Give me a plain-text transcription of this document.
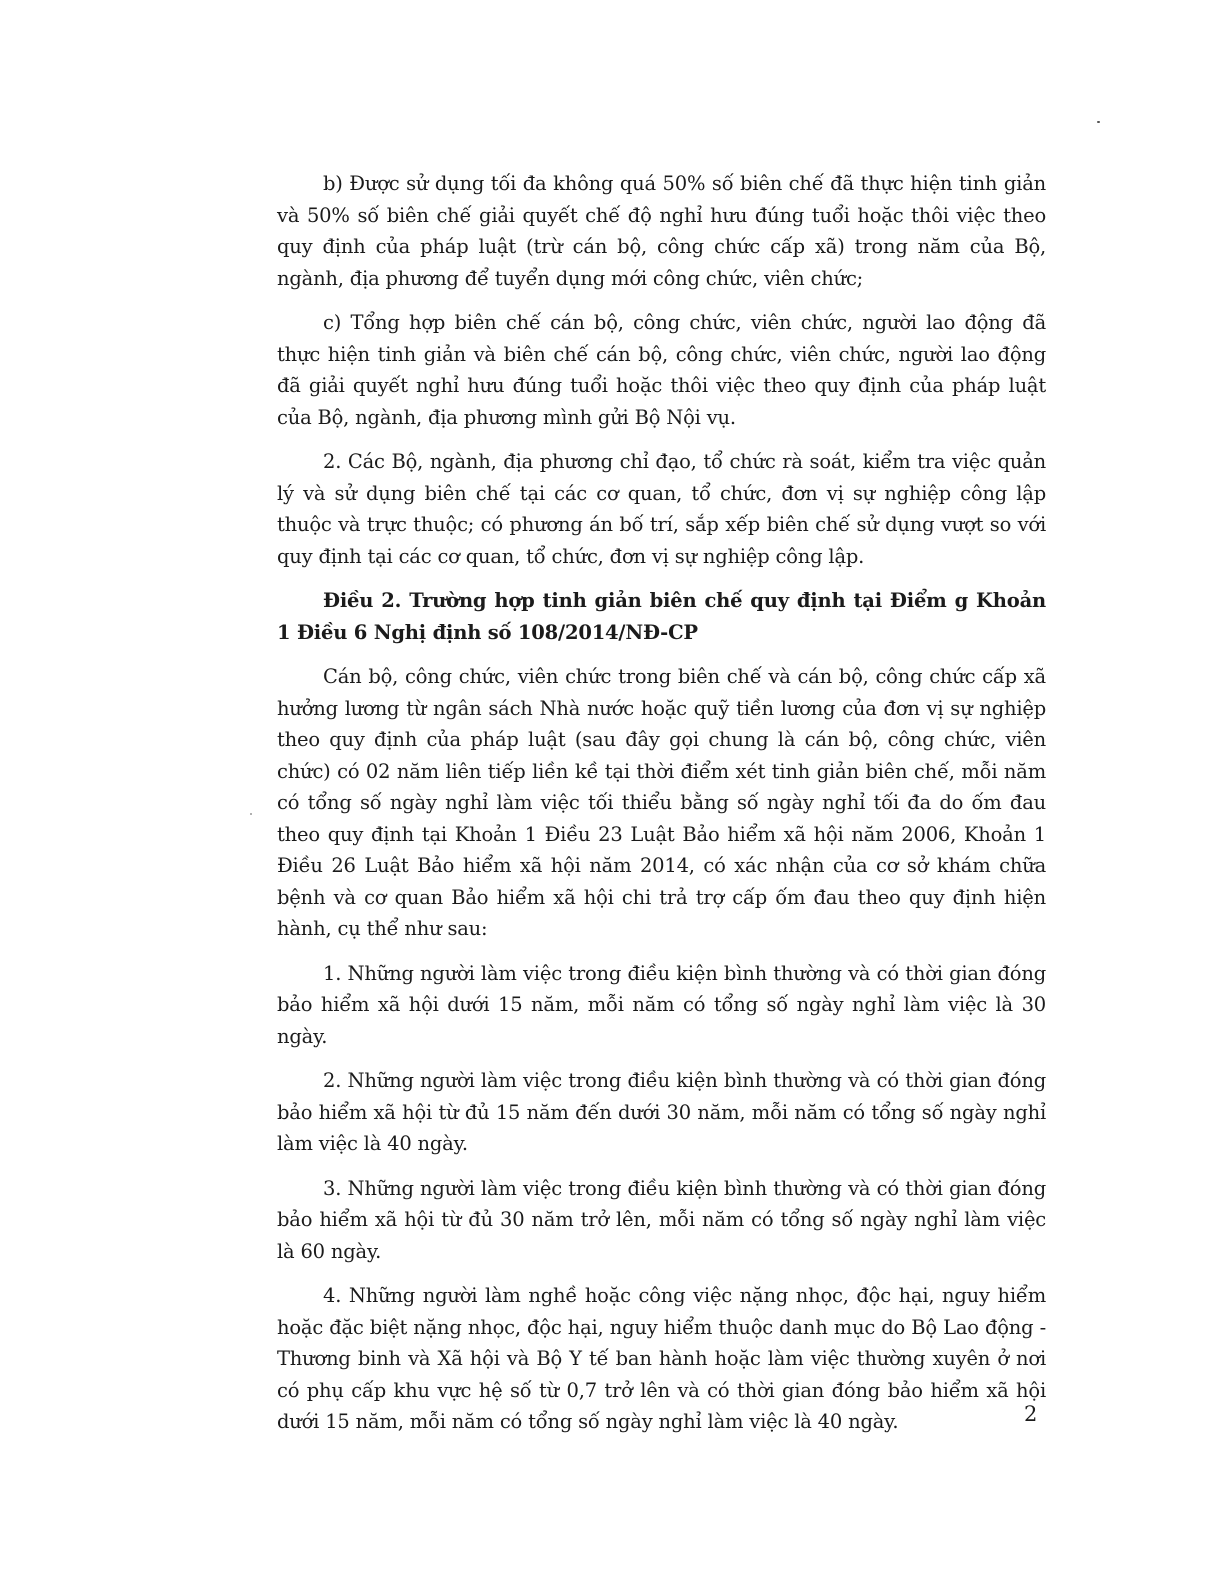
b) Được sử dụng tối đa không quá 50% số biên chế đã thực hiện tinh giản và 50% số biên chế giải quyết chế độ nghỉ hưu đúng tuổi hoặc thôi việc theo quy định của pháp luật (trừ cán bộ, công chức cấp xã) trong năm của Bộ, ngành, địa phương để tuyển dụng mới công chức, viên chức;

c) Tổng hợp biên chế cán bộ, công chức, viên chức, người lao động đã thực hiện tinh giản và biên chế cán bộ, công chức, viên chức, người lao động đã giải quyết nghỉ hưu đúng tuổi hoặc thôi việc theo quy định của pháp luật của Bộ, ngành, địa phương mình gửi Bộ Nội vụ.

2. Các Bộ, ngành, địa phương chỉ đạo, tổ chức rà soát, kiểm tra việc quản lý và sử dụng biên chế tại các cơ quan, tổ chức, đơn vị sự nghiệp công lập thuộc và trực thuộc; có phương án bố trí, sắp xếp biên chế sử dụng vượt so với quy định tại các cơ quan, tổ chức, đơn vị sự nghiệp công lập.

Điều 2. Trường hợp tinh giản biên chế quy định tại Điểm g Khoản 1 Điều 6 Nghị định số 108/2014/NĐ-CP

Cán bộ, công chức, viên chức trong biên chế và cán bộ, công chức cấp xã hưởng lương từ ngân sách Nhà nước hoặc quỹ tiền lương của đơn vị sự nghiệp theo quy định của pháp luật (sau đây gọi chung là cán bộ, công chức, viên chức) có 02 năm liên tiếp liền kề tại thời điểm xét tinh giản biên chế, mỗi năm có tổng số ngày nghỉ làm việc tối thiểu bằng số ngày nghỉ tối đa do ốm đau theo quy định tại Khoản 1 Điều 23 Luật Bảo hiểm xã hội năm 2006, Khoản 1 Điều 26 Luật Bảo hiểm xã hội năm 2014, có xác nhận của cơ sở khám chữa bệnh và cơ quan Bảo hiểm xã hội chi trả trợ cấp ốm đau theo quy định hiện hành, cụ thể như sau:

1. Những người làm việc trong điều kiện bình thường và có thời gian đóng bảo hiểm xã hội dưới 15 năm, mỗi năm có tổng số ngày nghỉ làm việc là 30 ngày.

2. Những người làm việc trong điều kiện bình thường và có thời gian đóng bảo hiểm xã hội từ đủ 15 năm đến dưới 30 năm, mỗi năm có tổng số ngày nghỉ làm việc là 40 ngày.

3. Những người làm việc trong điều kiện bình thường và có thời gian đóng bảo hiểm xã hội từ đủ 30 năm trở lên, mỗi năm có tổng số ngày nghỉ làm việc là 60 ngày.

4. Những người làm nghề hoặc công việc nặng nhọc, độc hại, nguy hiểm hoặc đặc biệt nặng nhọc, độc hại, nguy hiểm thuộc danh mục do Bộ Lao động - Thương binh và Xã hội và Bộ Y tế ban hành hoặc làm việc thường xuyên ở nơi có phụ cấp khu vực hệ số từ 0,7 trở lên và có thời gian đóng bảo hiểm xã hội dưới 15 năm, mỗi năm có tổng số ngày nghỉ làm việc là 40 ngày.	2
